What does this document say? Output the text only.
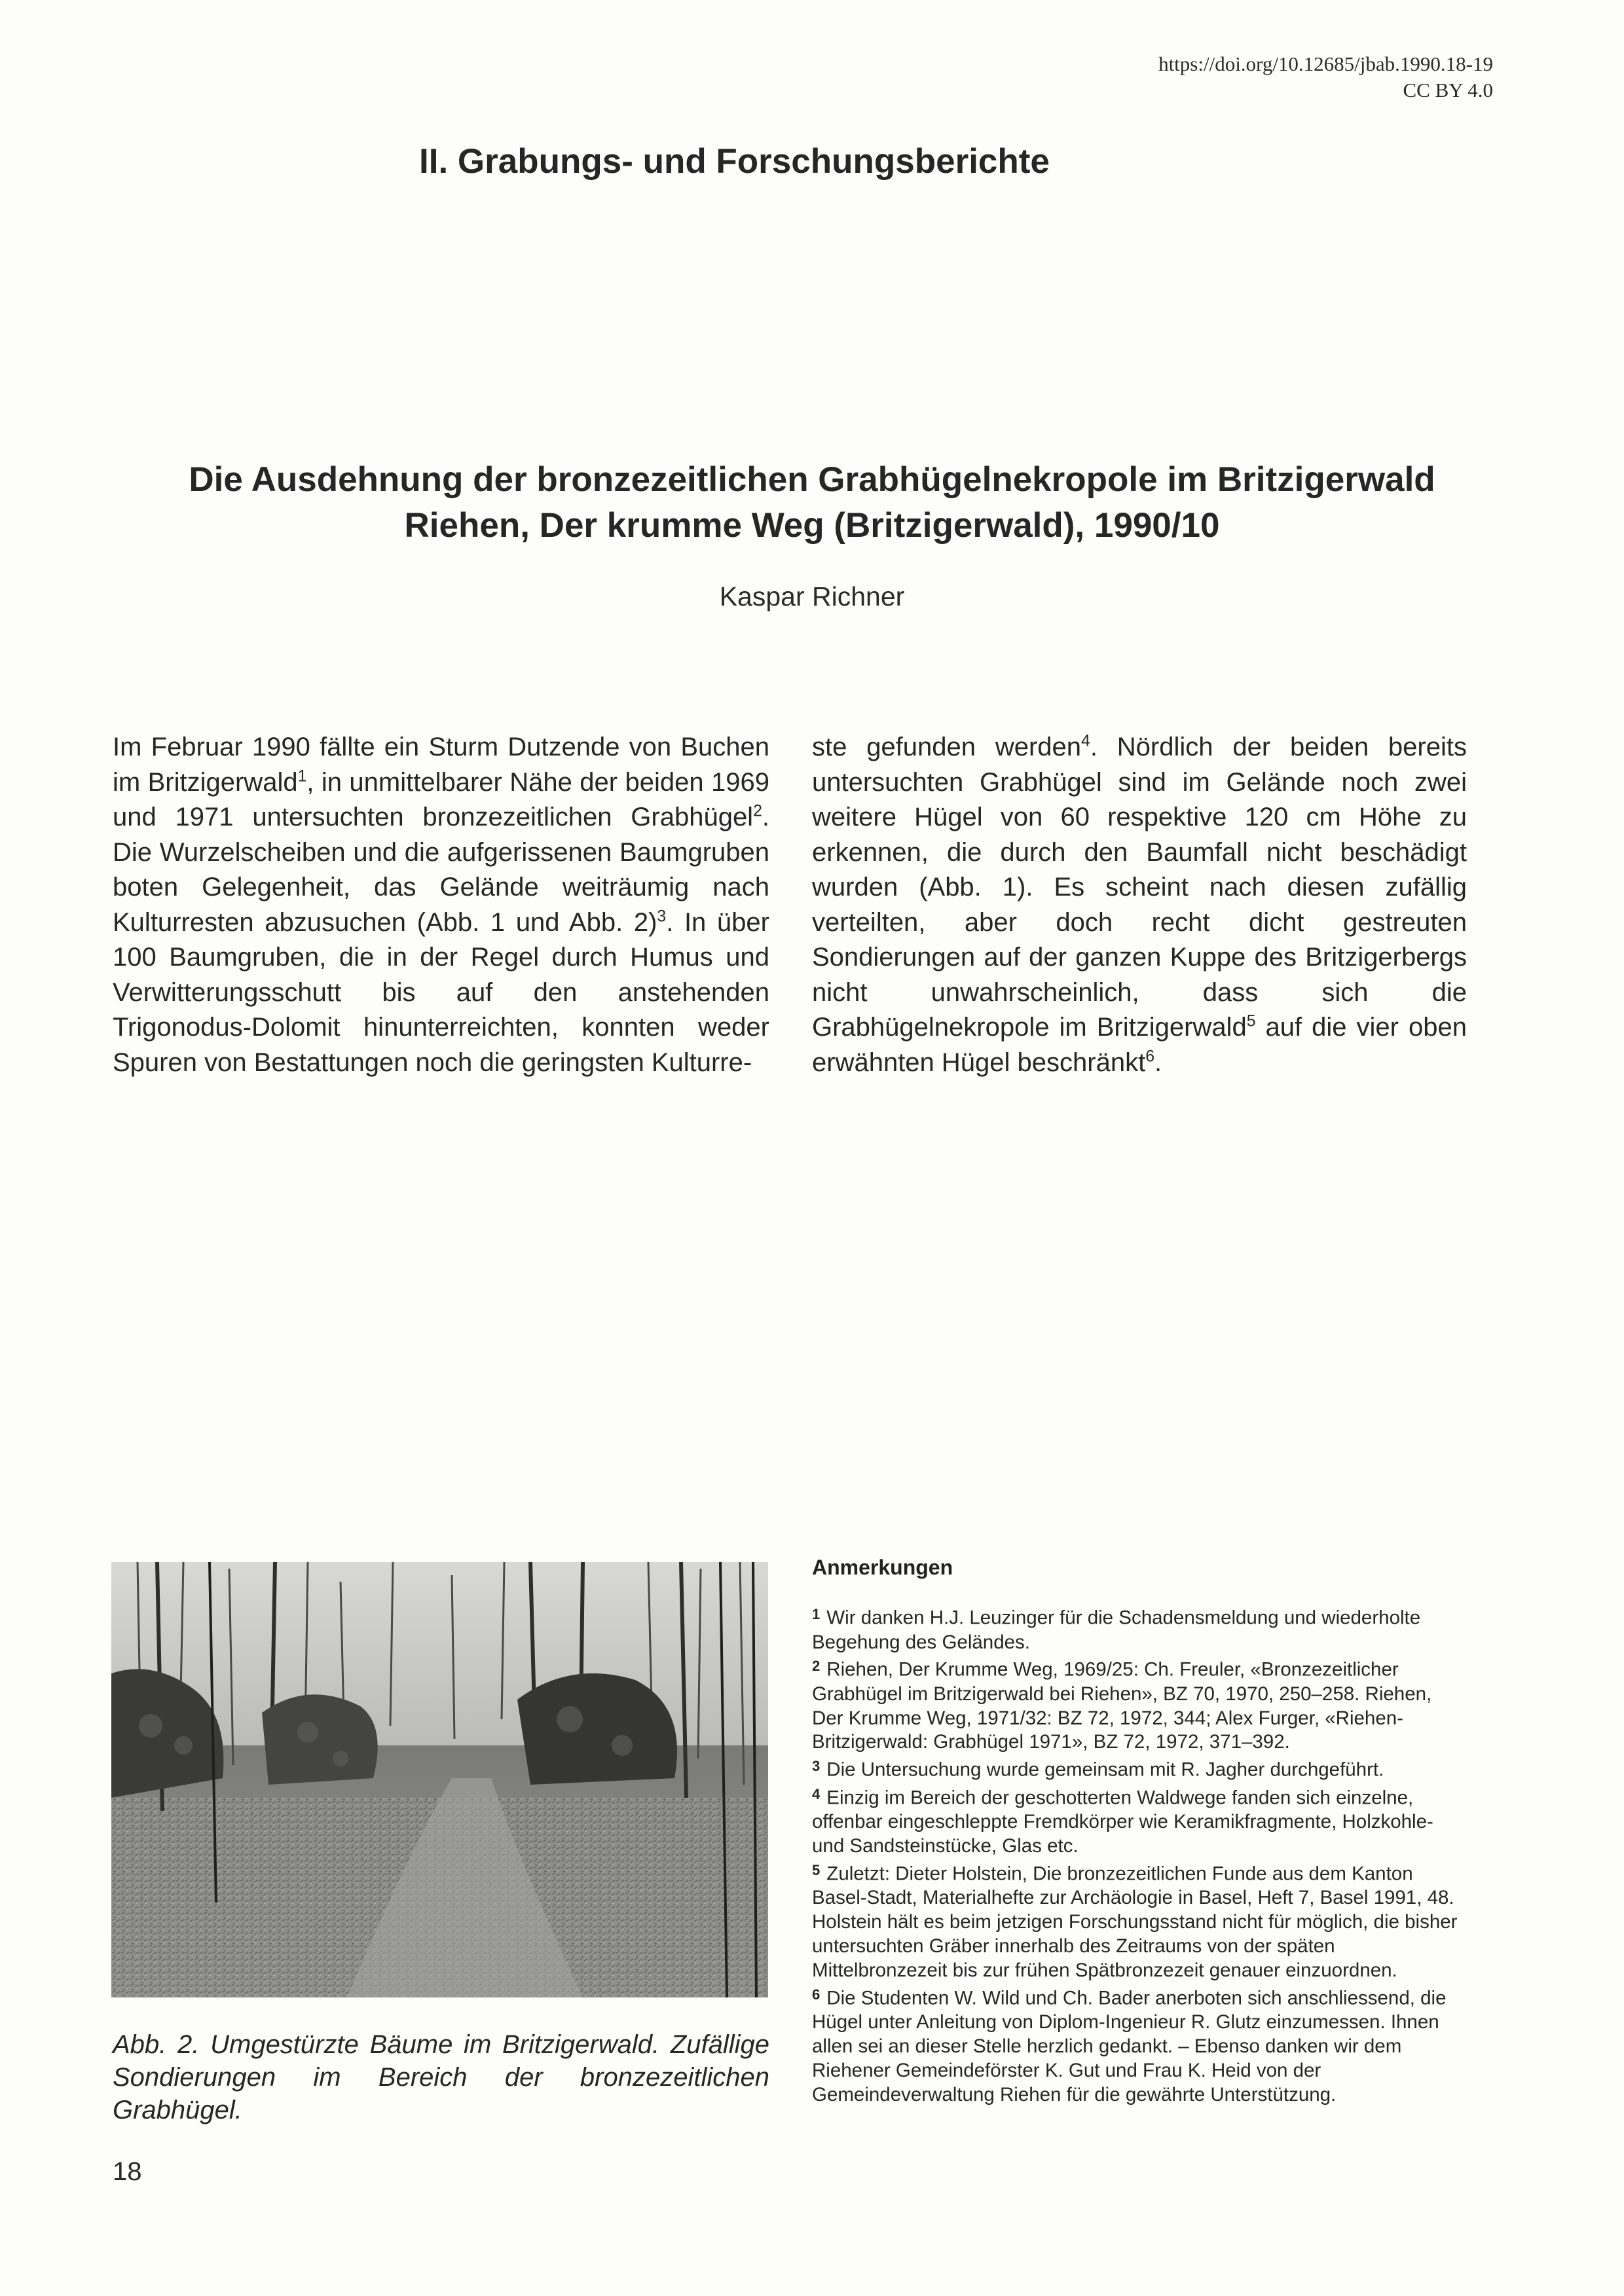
https://doi.org/10.12685/jbab.1990.18-19
CC BY 4.0
II. Grabungs- und Forschungsberichte
Die Ausdehnung der bronzezeitlichen Grabhügelnekropole im Britzigerwald
Riehen, Der krumme Weg (Britzigerwald), 1990/10
Kaspar Richner

Im Februar 1990 fällte ein Sturm Dutzende von Buchen im Britzigerwald$^1$, in unmittelbarer Nähe der beiden 1969 und 1971 untersuchten bronzezeitlichen Grabhügel$^2$. Die Wurzelscheiben und die aufgerissenen Baumgruben boten Gelegenheit, das Gelände weiträumig nach Kulturresten abzusuchen (Abb. 1 und Abb. 2)$^3$. In über 100 Baumgruben, die in der Regel durch Humus und Verwitterungsschutt bis auf den anstehenden Trigonodus-Dolomit hinunterreichten, konnten weder Spuren von Bestattungen noch die geringsten Kulturre-

ste gefunden werden$^4$. Nördlich der beiden bereits untersuchten Grabhügel sind im Gelände noch zwei weitere Hügel von 60 respektive 120 cm Höhe zu erkennen, die durch den Baumfall nicht beschädigt wurden (Abb. 1). Es scheint nach diesen zufällig verteilten, aber doch recht dicht gestreuten Sondierungen auf der ganzen Kuppe des Britzigerbergs nicht unwahrscheinlich, dass sich die Grabhügelnekropole im Britzigerwald$^5$ auf die vier oben erwähnten Hügel beschränkt$^6$.

Abb. 2. Umgestürzte Bäume im Britzigerwald. Zufällige Sondierungen im Bereich der bronzezeitlichen Grabhügel.
Anmerkungen

$^1$ Wir danken H.J. Leuzinger für die Schadensmeldung und wiederholte Begehung des Geländes.

$^2$ Riehen, Der Krumme Weg, 1969/25: Ch. Freuler, «Bronzezeitlicher Grabhügel im Britzigerwald bei Riehen», BZ 70, 1970, 250–258. Riehen, Der Krumme Weg, 1971/32: BZ 72, 1972, 344; Alex Furger, «Riehen-Britzigerwald: Grabhügel 1971», BZ 72, 1972, 371–392.

$^3$ Die Untersuchung wurde gemeinsam mit R. Jagher durchgeführt.

$^4$ Einzig im Bereich der geschotterten Waldwege fanden sich einzelne, offenbar eingeschleppte Fremdkörper wie Keramikfragmente, Holzkohle- und Sandsteinstücke, Glas etc.

$^5$ Zuletzt: Dieter Holstein, Die bronzezeitlichen Funde aus dem Kanton Basel-Stadt, Materialhefte zur Archäologie in Basel, Heft 7, Basel 1991, 48. Holstein hält es beim jetzigen Forschungsstand nicht für möglich, die bisher untersuchten Gräber innerhalb des Zeitraums von der späten Mittelbronzezeit bis zur frühen Spätbronzezeit genauer einzuordnen.

$^6$ Die Studenten W. Wild und Ch. Bader anerboten sich anschliessend, die Hügel unter Anleitung von Diplom-Ingenieur R. Glutz einzumessen. Ihnen allen sei an dieser Stelle herzlich gedankt. – Ebenso danken wir dem Riehener Gemeindeförster K. Gut und Frau K. Heid von der Gemeindeverwaltung Riehen für die gewährte Unterstützung.

18
